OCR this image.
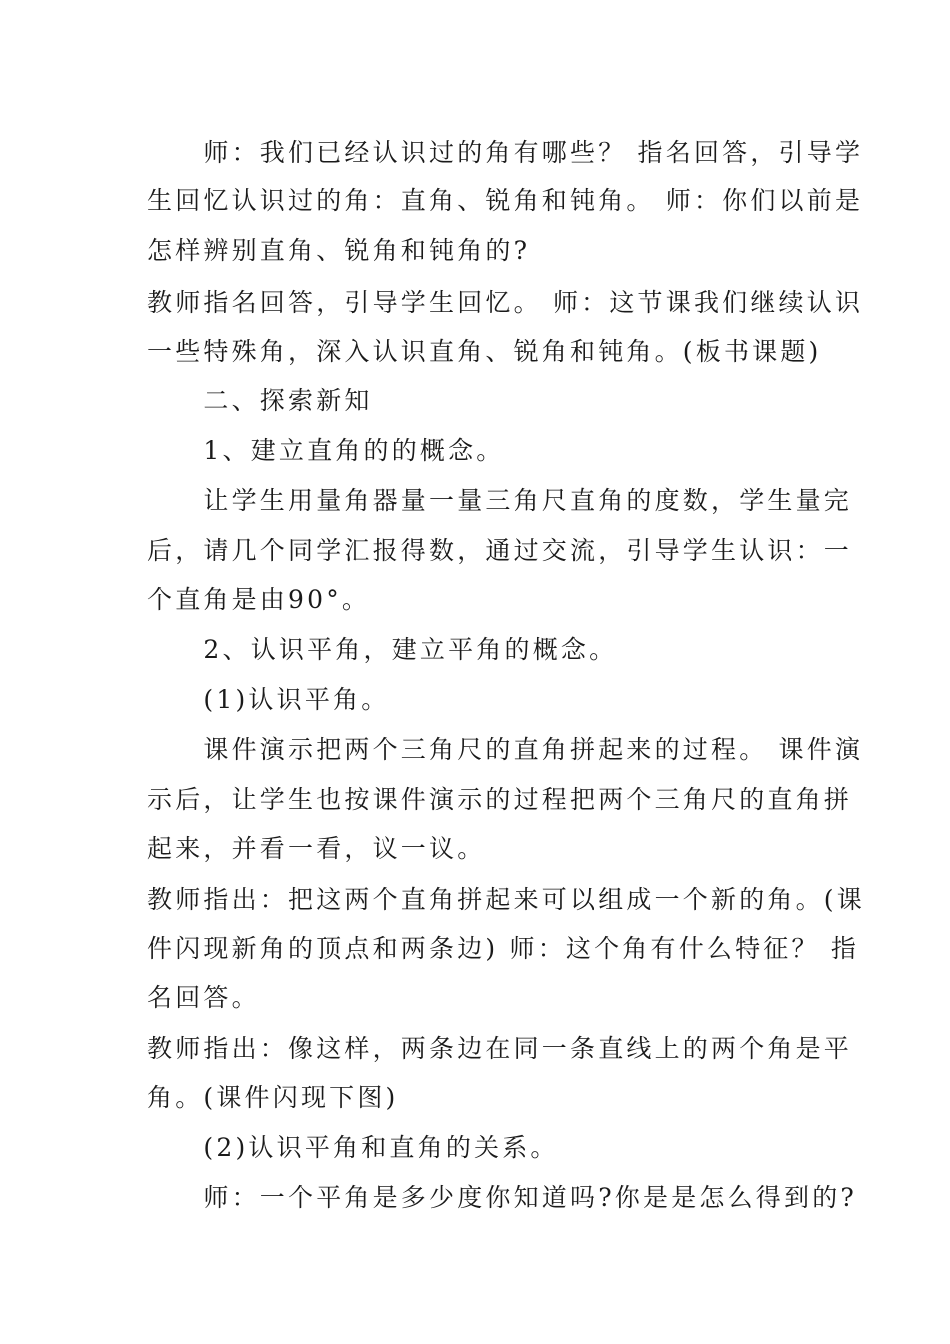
　　师：我们已经认识过的角有哪些？ 指名回答，引导学
生回忆认识过的角：直角、锐角和钝角。 师：你们以前是
怎样辨别直角、锐角和钝角的?
教师指名回答，引导学生回忆。 师：这节课我们继续认识
一些特殊角，深入认识直角、锐角和钝角。(板书课题)
　　二、探索新知
　　1、建立直角的的概念。
　　让学生用量角器量一量三角尺直角的度数，学生量完
后，请几个同学汇报得数，通过交流，引导学生认识：一
个直角是由90°。
　　2、认识平角，建立平角的概念。
　　(1)认识平角。
　　课件演示把两个三角尺的直角拼起来的过程。 课件演
示后，让学生也按课件演示的过程把两个三角尺的直角拼
起来，并看一看，议一议。
教师指出：把这两个直角拼起来可以组成一个新的角。(课
件闪现新角的顶点和两条边) 师：这个角有什么特征？ 指
名回答。
教师指出：像这样，两条边在同一条直线上的两个角是平
角。(课件闪现下图)
　　(2)认识平角和直角的关系。
　　师：一个平角是多少度你知道吗?你是是怎么得到的?
